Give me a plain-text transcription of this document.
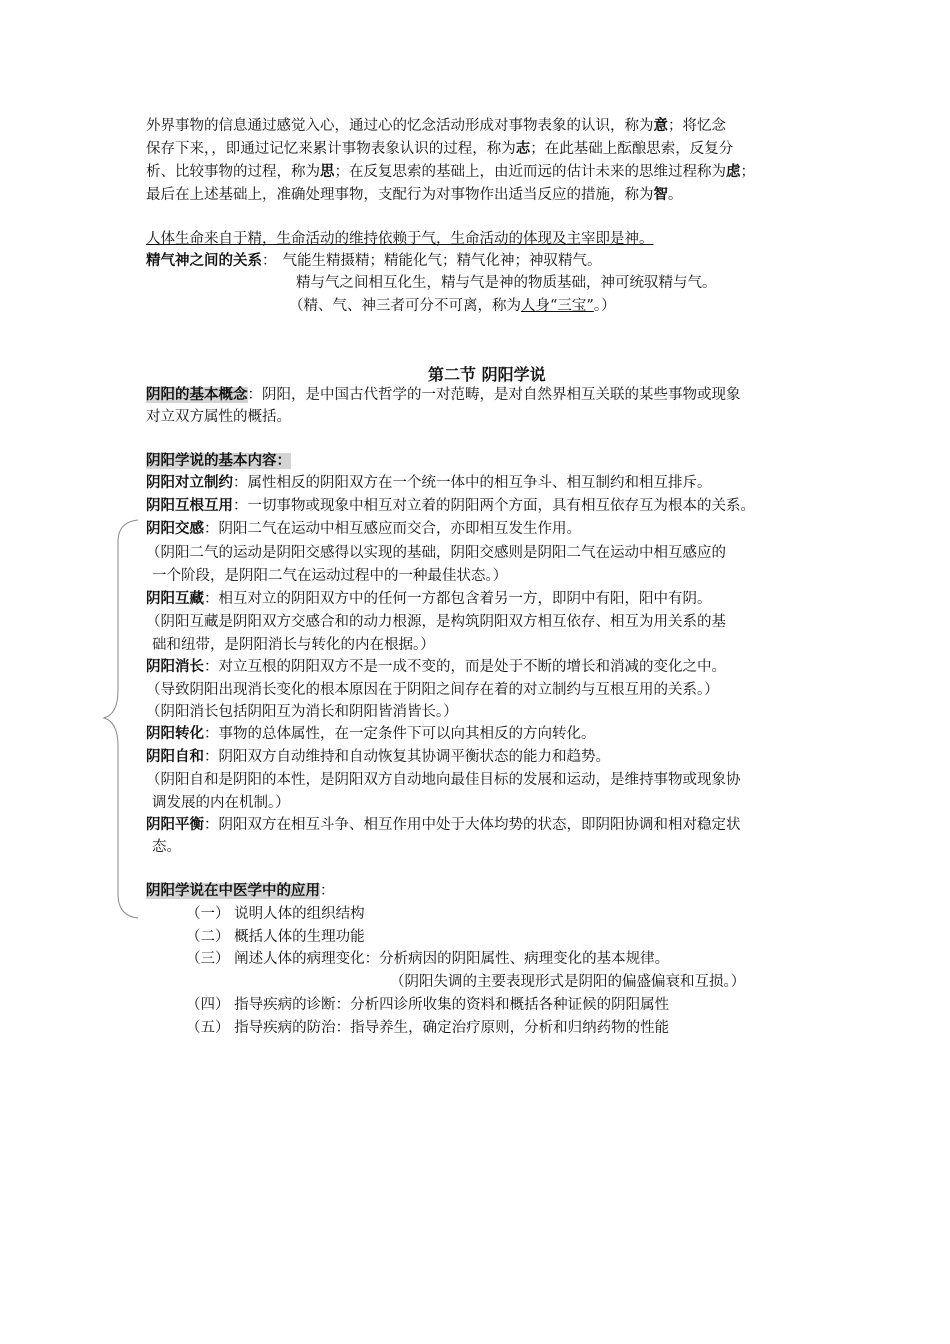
外界事物的信息通过感觉入心，通过心的忆念活动形成对事物表象的认识，称为意；将忆念
保存下来，，即通过记忆来累计事物表象认识的过程，称为志；在此基础上酝酿思索，反复分
析、比较事物的过程，称为思；在反复思索的基础上，由近而远的估计未来的思维过程称为虑；
最后在上述基础上，准确处理事物，支配行为对事物作出适当反应的措施，称为智。
人体生命来自于精，生命活动的维持依赖于气，生命活动的体现及主宰即是神。
精气神之间的关系： 气能生精摄精；精能化气；精气化神；神驭精气。
精与气之间相互化生，精与气是神的物质基础，神可统驭精与气。
（精、气、神三者可分不可离，称为人身“三宝”。）
第二节 阴阳学说
阴阳的基本概念：阴阳，是中国古代哲学的一对范畴，是对自然界相互关联的某些事物或现象
对立双方属性的概括。
阴阳学说的基本内容：
阴阳对立制约：属性相反的阴阳双方在一个统一体中的相互争斗、相互制约和相互排斥。
阴阳互根互用：一切事物或现象中相互对立着的阴阳两个方面，具有相互依存互为根本的关系。
阴阳交感：阴阳二气在运动中相互感应而交合，亦即相互发生作用。
（阴阳二气的运动是阴阳交感得以实现的基础，阴阳交感则是阴阳二气在运动中相互感应的
一个阶段，是阴阳二气在运动过程中的一种最佳状态。）
阴阳互藏：相互对立的阴阳双方中的任何一方都包含着另一方，即阴中有阳，阳中有阴。
（阴阳互藏是阴阳双方交感合和的动力根源，是构筑阴阳双方相互依存、相互为用关系的基
础和纽带，是阴阳消长与转化的内在根据。）
阴阳消长：对立互根的阴阳双方不是一成不变的，而是处于不断的增长和消减的变化之中。
（导致阴阳出现消长变化的根本原因在于阴阳之间存在着的对立制约与互根互用的关系。）
（阴阳消长包括阴阳互为消长和阴阳皆消皆长。）
阴阳转化：事物的总体属性，在一定条件下可以向其相反的方向转化。
阴阳自和：阴阳双方自动维持和自动恢复其协调平衡状态的能力和趋势。
（阴阳自和是阴阳的本性，是阴阳双方自动地向最佳目标的发展和运动，是维持事物或现象协
调发展的内在机制。）
阴阳平衡：阴阳双方在相互斗争、相互作用中处于大体均势的状态，即阴阳协调和相对稳定状
态。
阴阳学说在中医学中的应用：
（一） 说明人体的组织结构
（二） 概括人体的生理功能
（三） 阐述人体的病理变化：分析病因的阴阳属性、病理变化的基本规律。
（阴阳失调的主要表现形式是阴阳的偏盛偏衰和互损。）
（四） 指导疾病的诊断：分析四诊所收集的资料和概括各种证候的阴阳属性
（五） 指导疾病的防治：指导养生，确定治疗原则，分析和归纳药物的性能
